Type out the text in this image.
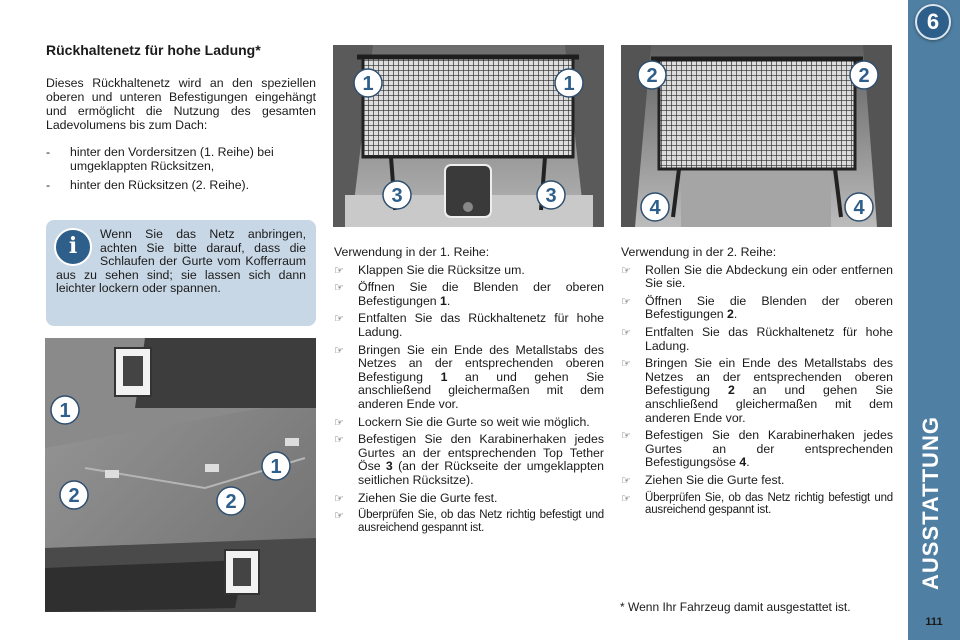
6
AUSSTATTUNG
111
Rückhaltenetz für hohe Ladung*
Dieses Rückhaltenetz wird an den speziellen oberen und unteren Befestigungen eingehängt und ermöglicht die Nutzung des gesamten Ladevolumens bis zum Dach:
-	hinter den Vordersitzen (1. Reihe) bei umgeklappten Rücksitzen,
-	hinter den Rücksitzen (2. Reihe).
i	Wenn Sie das Netz anbringen, achten Sie bitte darauf, dass die Schlaufen der Gurte vom Kofferraum aus zu sehen sind; sie lassen sich dann leichter lockern oder spannen.
1	1
3	3
2	2
4	4
1
1
2	2
Verwendung in der 1. Reihe:
☞	Klappen Sie die Rücksitze um.
☞	Öffnen Sie die Blenden der oberen Befestigungen 1.
☞	Entfalten Sie das Rückhaltenetz für hohe Ladung.
☞	Bringen Sie ein Ende des Metallstabs des Netzes an der entsprechenden oberen Befestigung 1 an und gehen Sie anschließend gleichermaßen mit dem anderen Ende vor.
☞	Lockern Sie die Gurte so weit wie möglich.
☞	Befestigen Sie den Karabinerhaken jedes Gurtes an der entsprechenden Top Tether Öse 3 (an der Rückseite der umgeklappten seitlichen Rücksitze).
☞	Ziehen Sie die Gurte fest.
☞	Überprüfen Sie, ob das Netz richtig befestigt und ausreichend gespannt ist.
Verwendung in der 2. Reihe:
☞	Rollen Sie die Abdeckung ein oder entfernen Sie sie.
☞	Öffnen Sie die Blenden der oberen Befestigungen 2.
☞	Entfalten Sie das Rückhaltenetz für hohe Ladung.
☞	Bringen Sie ein Ende des Metallstabs des Netzes an der entsprechenden oberen Befestigung 2 an und gehen Sie anschließend gleichermaßen mit dem anderen Ende vor.
☞	Befestigen Sie den Karabinerhaken jedes Gurtes an der entsprechenden Befestigungsöse 4.
☞	Ziehen Sie die Gurte fest.
☞	Überprüfen Sie, ob das Netz richtig befestigt und ausreichend gespannt ist.
* Wenn Ihr Fahrzeug damit ausgestattet ist.
carmanualsonline.info
